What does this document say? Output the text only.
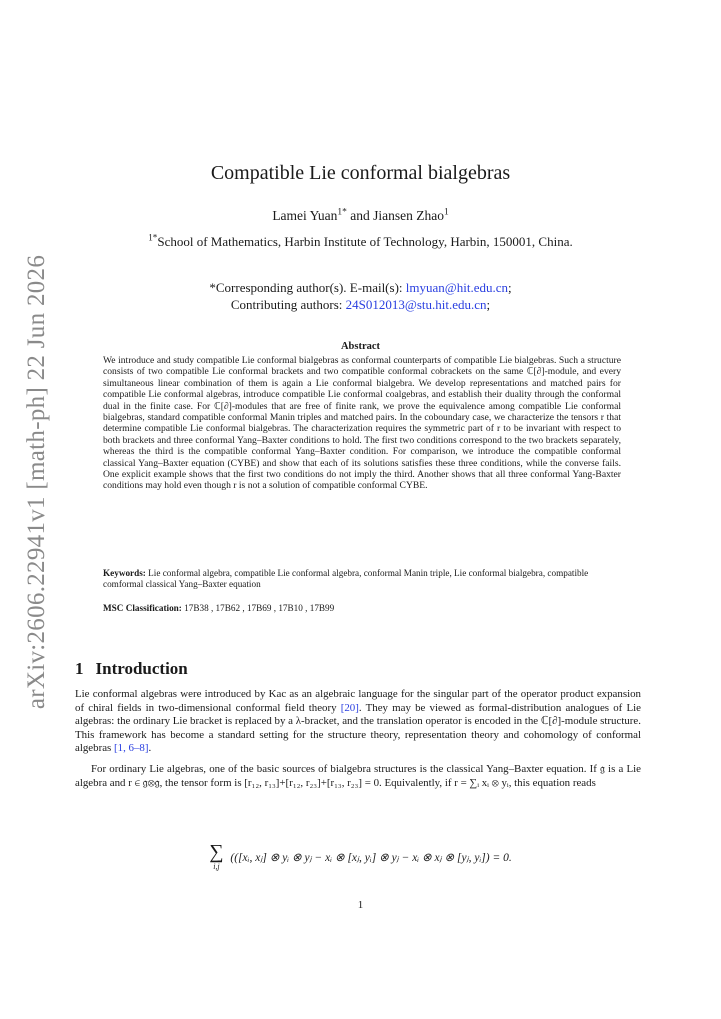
arXiv:2606.22941v1 [math-ph] 22 Jun 2026
Compatible Lie conformal bialgebras
Lamei Yuan$^{1*}$ and Jiansen Zhao$^1$
$^{1*}$School of Mathematics, Harbin Institute of Technology, Harbin, 150001, China.
*Corresponding author(s). E-mail(s): lmyuan@hit.edu.cn;
Contributing authors: 24S012013@stu.hit.edu.cn;
Abstract
We introduce and study compatible Lie conformal bialgebras as conformal counterparts of compatible Lie bialgebras. Such a structure consists of two compatible Lie conformal brackets and two compatible conformal cobrackets on the same ℂ[∂]-module, and every simultaneous linear combination of them is again a Lie conformal bialgebra. We develop representations and matched pairs for compatible Lie conformal algebras, introduce compatible Lie conformal coalgebras, and establish their duality through the conformal dual in the finite case. For ℂ[∂]-modules that are free of finite rank, we prove the equivalence among compatible Lie conformal bialgebras, standard compatible conformal Manin triples and matched pairs. In the coboundary case, we characterize the tensors r that determine compatible Lie conformal bialgebras. The characterization requires the symmetric part of r to be invariant with respect to both brackets and three conformal Yang–Baxter conditions to hold. The first two conditions correspond to the two brackets separately, whereas the third is the compatible conformal Yang–Baxter condition. For comparison, we introduce the compatible conformal classical Yang–Baxter equation (CYBE) and show that each of its solutions satisfies these three conditions, while the converse fails. One explicit example shows that the first two conditions do not imply the third. Another shows that all three conformal Yang-Baxter conditions may hold even though r is not a solution of compatible conformal CYBE.
Keywords: Lie conformal algebra, compatible Lie conformal algebra, conformal Manin triple, Lie conformal bialgebra, compatible comformal classical Yang–Baxter equation
MSC Classification: 17B38 , 17B62 , 17B69 , 17B10 , 17B99
1 Introduction
Lie conformal algebras were introduced by Kac as an algebraic language for the singular part of the operator product expansion of chiral fields in two-dimensional conformal field theory [20]. They may be viewed as formal-distribution analogues of Lie algebras: the ordinary Lie bracket is replaced by a λ-bracket, and the translation operator is encoded in the ℂ[∂]-module structure. This framework has become a standard setting for the structure theory, representation theory and cohomology of conformal algebras [1, 6–8].
For ordinary Lie algebras, one of the basic sources of bialgebra structures is the classical Yang–Baxter equation. If 𝔤 is a Lie algebra and r ∈ 𝔤⊗𝔤, the tensor form is [r₁₂, r₁₃]+[r₁₂, r₂₃]+[r₁₃, r₂₃] = 0. Equivalently, if r = ∑ᵢ xᵢ ⊗ yᵢ, this equation reads
∑
i,j
(([xᵢ, xⱼ] ⊗ yᵢ ⊗ yⱼ − xᵢ ⊗ [xⱼ, yᵢ] ⊗ yⱼ − xᵢ ⊗ xⱼ ⊗ [yⱼ, yᵢ]) = 0.
1
